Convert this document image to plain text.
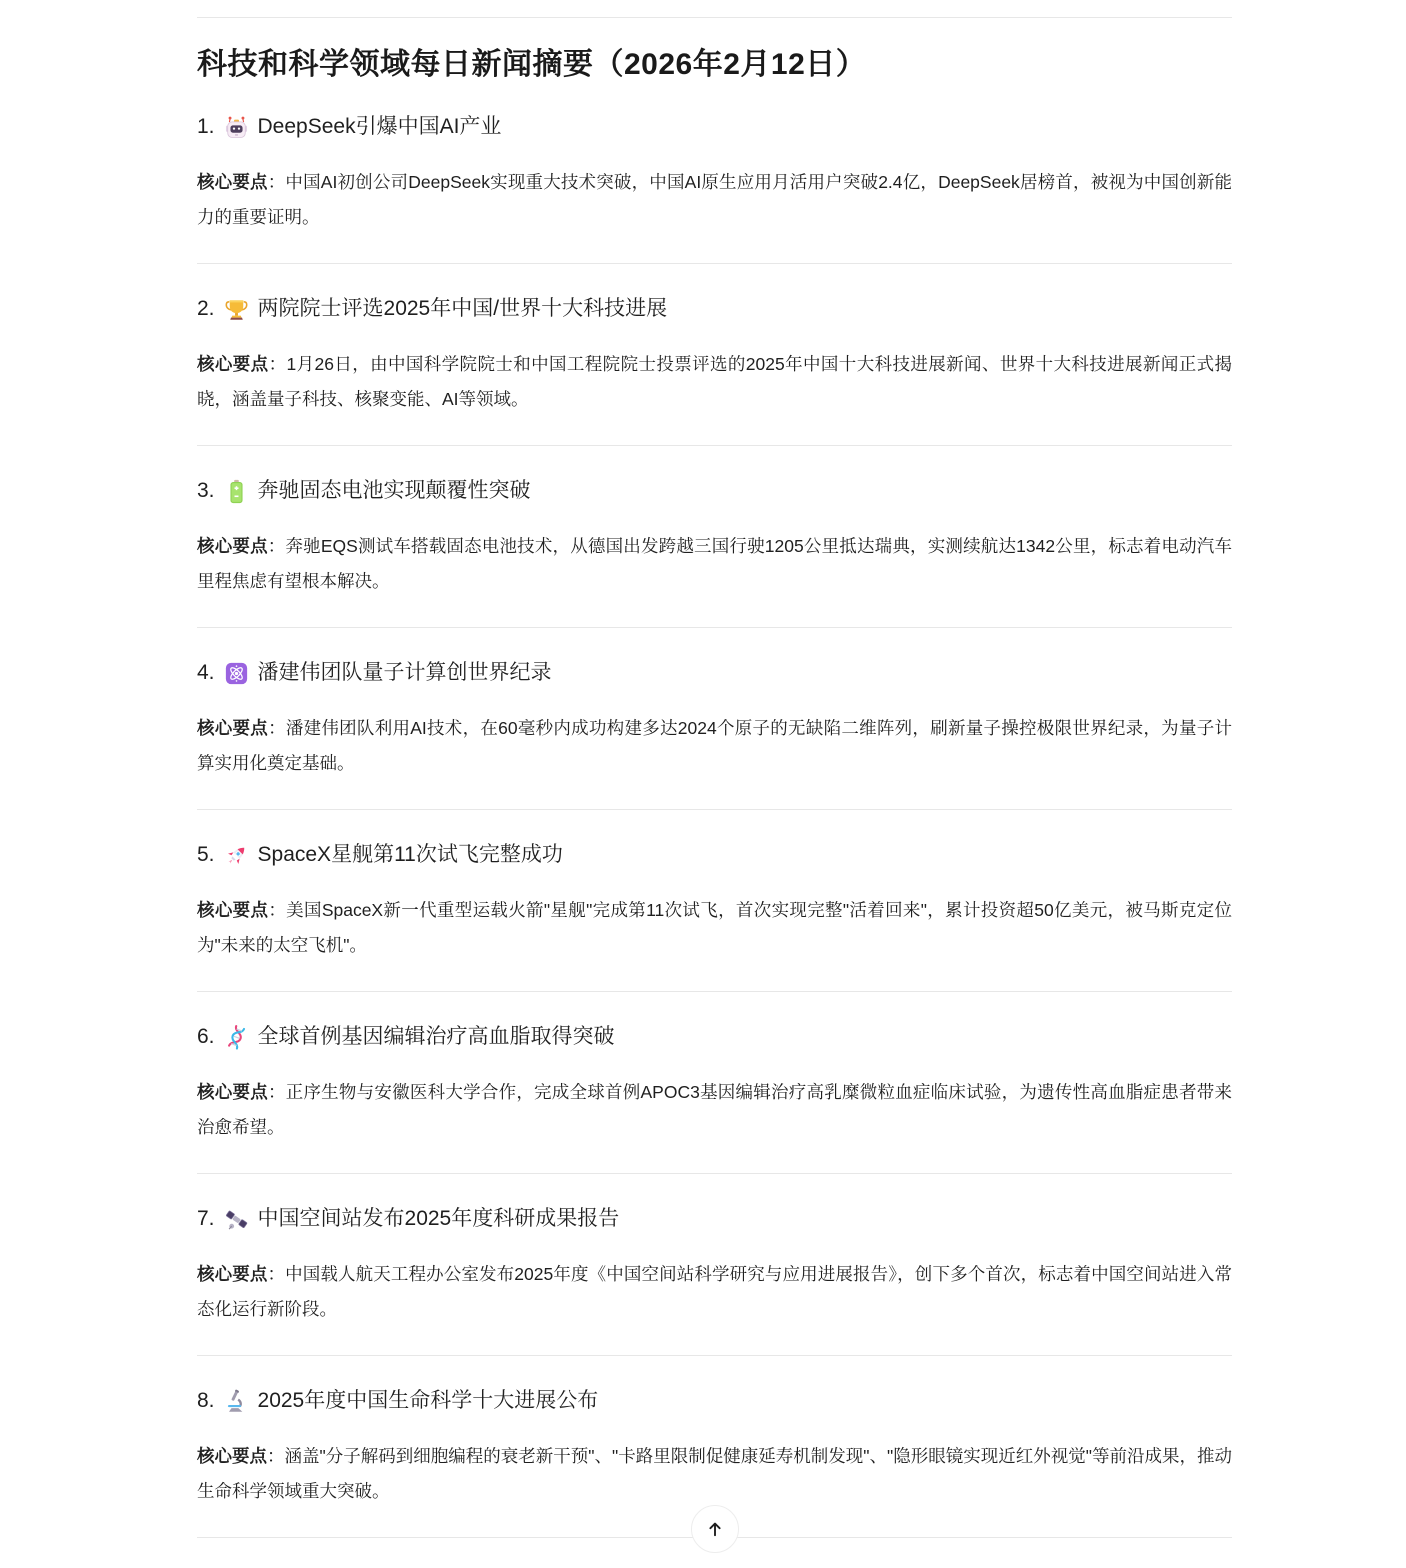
科技和科学领域每日新闻摘要（2026年2月12日）
1. DeepSeek引爆中国AI产业

核心要点：中国AI初创公司DeepSeek实现重大技术突破，中国AI原生应用月活用户突破2.4亿，DeepSeek居榜首，被视为中国创新能力的重要证明。

2. 两院院士评选2025年中国/世界十大科技进展

核心要点：1月26日，由中国科学院院士和中国工程院院士投票评选的2025年中国十大科技进展新闻、世界十大科技进展新闻正式揭晓，涵盖量子科技、核聚变能、AI等领域。

3. 奔驰固态电池实现颠覆性突破

核心要点：奔驰EQS测试车搭载固态电池技术，从德国出发跨越三国行驶1205公里抵达瑞典，实测续航达1342公里，标志着电动汽车里程焦虑有望根本解决。

4. 潘建伟团队量子计算创世界纪录

核心要点：潘建伟团队利用AI技术，在60毫秒内成功构建多达2024个原子的无缺陷二维阵列，刷新量子操控极限世界纪录，为量子计算实用化奠定基础。

5. SpaceX星舰第11次试飞完整成功

核心要点：美国SpaceX新一代重型运载火箭"星舰"完成第11次试飞，首次实现完整"活着回来"，累计投资超50亿美元，被马斯克定位为"未来的太空飞机"。

6. 全球首例基因编辑治疗高血脂取得突破

核心要点：正序生物与安徽医科大学合作，完成全球首例APOC3基因编辑治疗高乳糜微粒血症临床试验，为遗传性高血脂症患者带来治愈希望。

7. 中国空间站发布2025年度科研成果报告

核心要点：中国载人航天工程办公室发布2025年度《中国空间站科学研究与应用进展报告》，创下多个首次，标志着中国空间站进入常态化运行新阶段。

8. 2025年度中国生命科学十大进展公布

核心要点：涵盖"分子解码到细胞编程的衰老新干预"、"卡路里限制促健康延寿机制发现"、"隐形眼镜实现近红外视觉"等前沿成果，推动生命科学领域重大突破。
